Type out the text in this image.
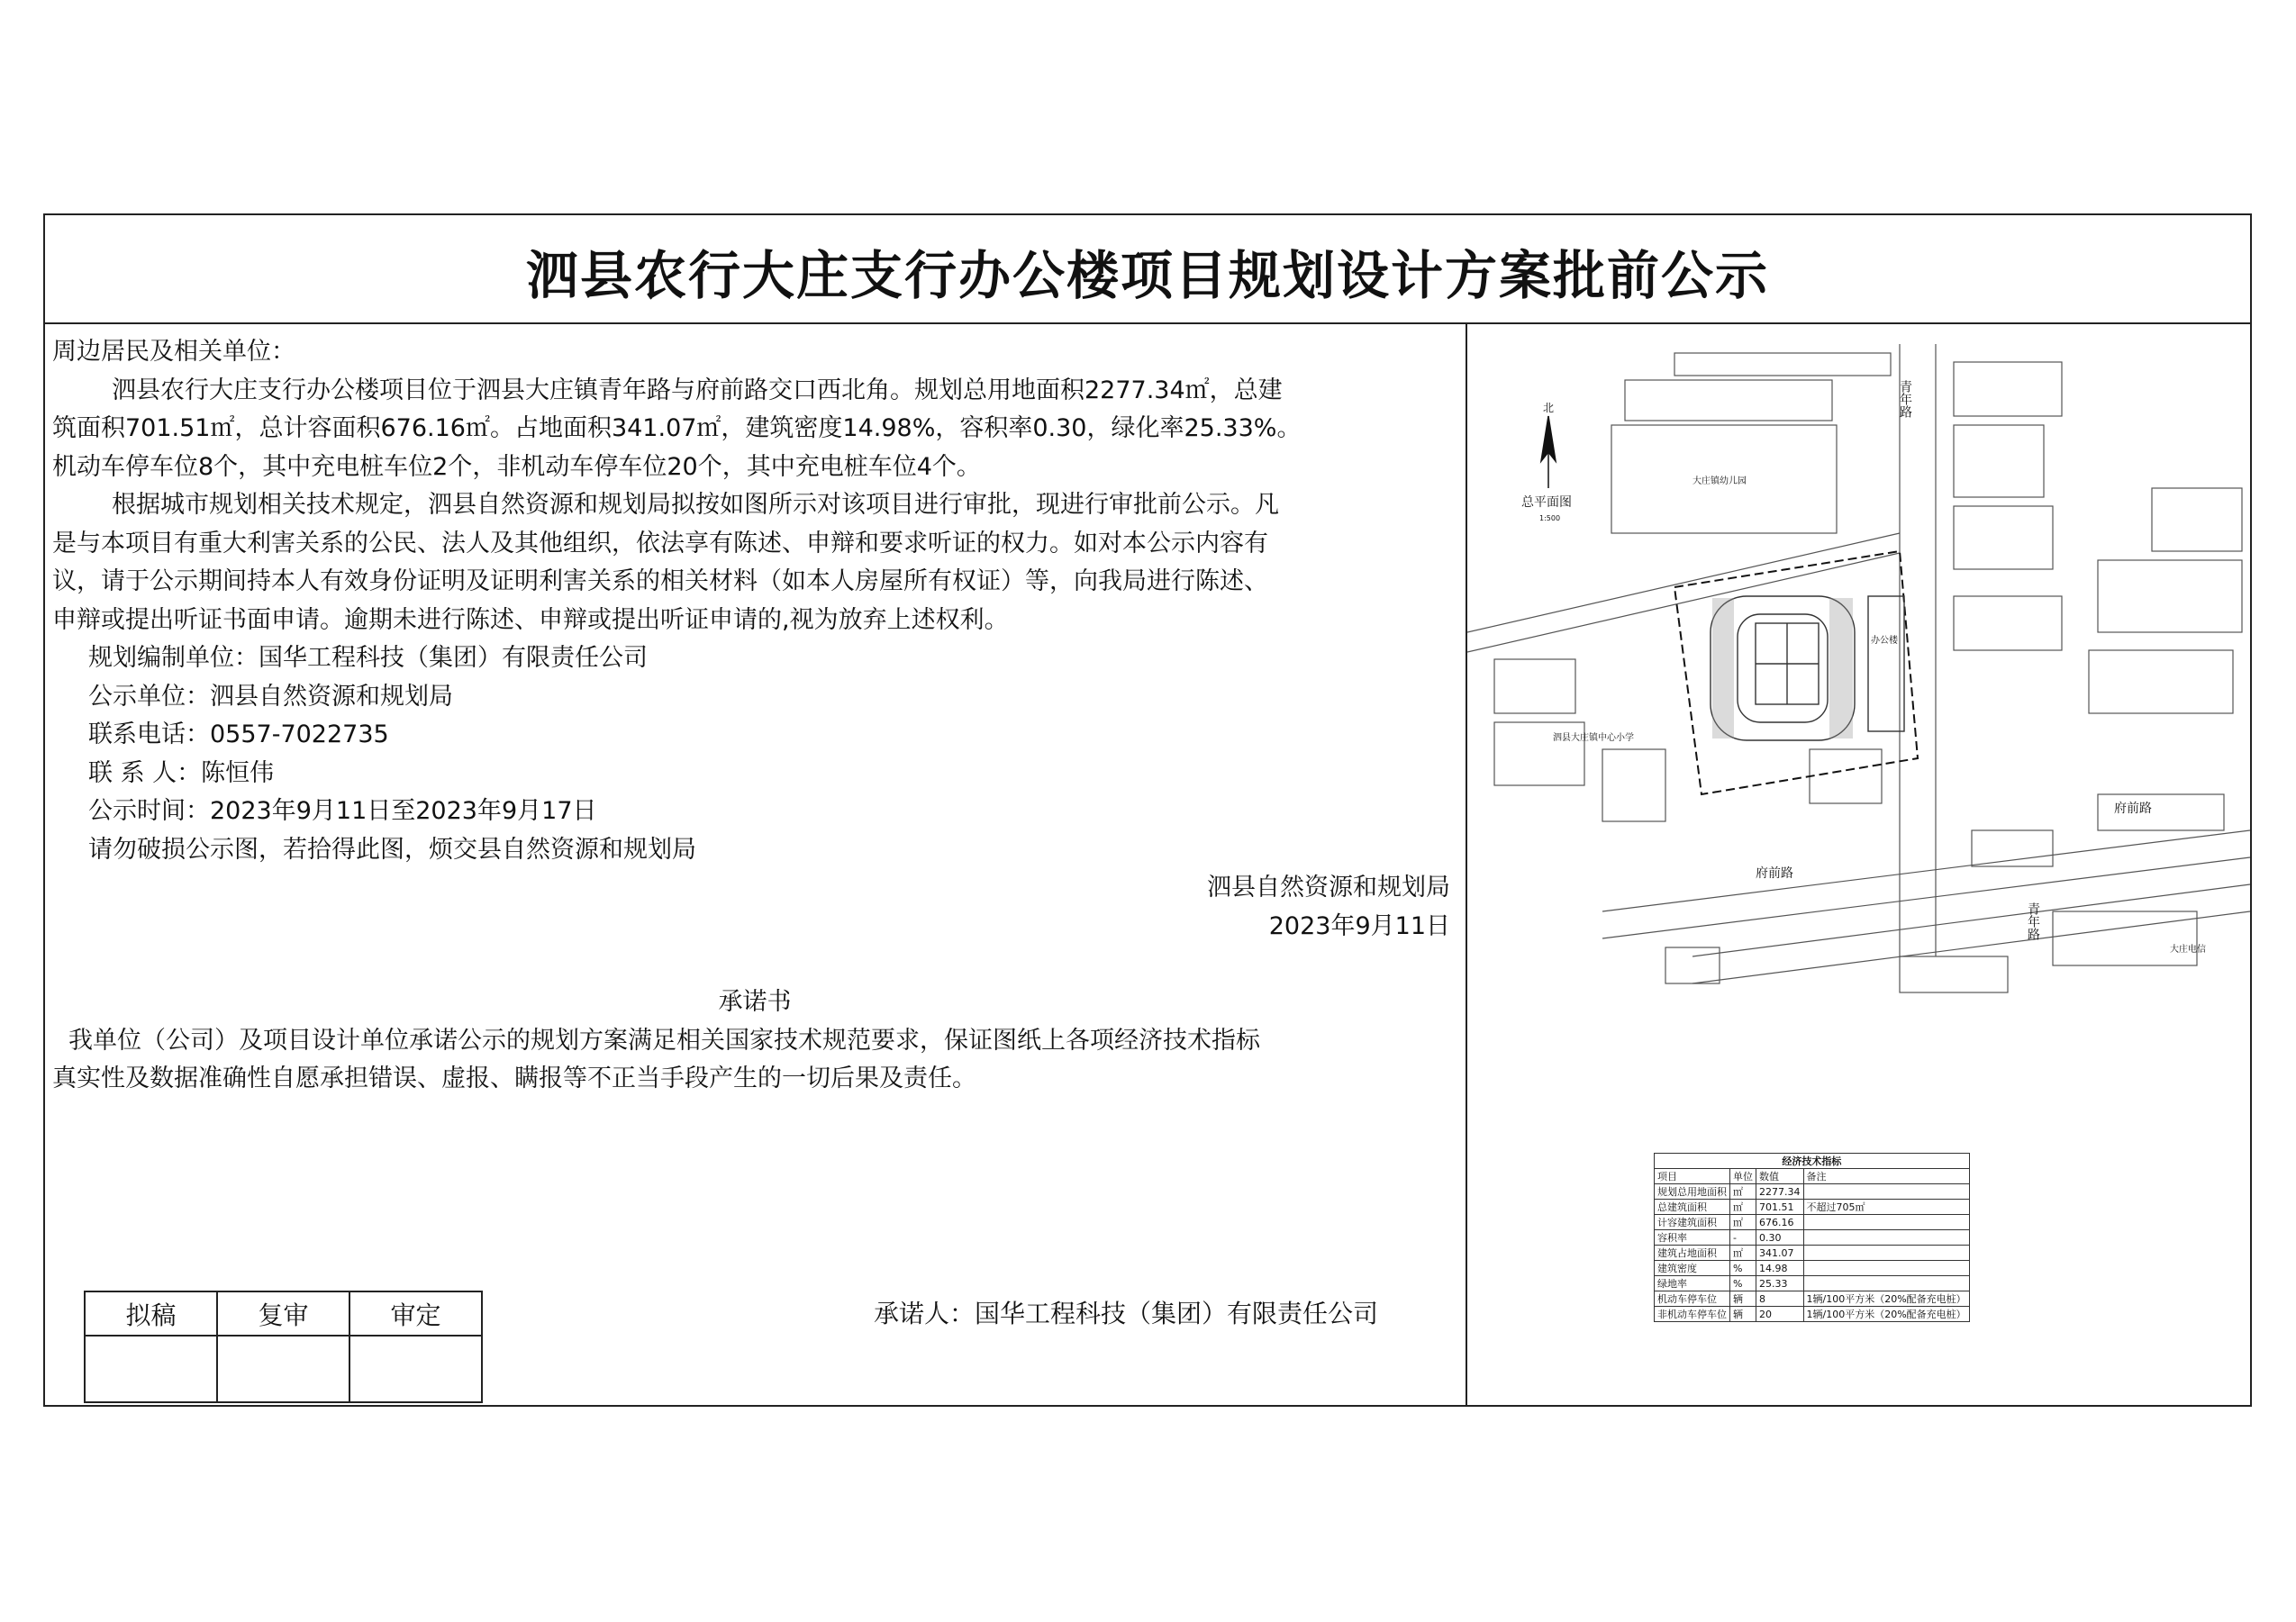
泗县农行大庄支行办公楼项目规划设计方案批前公示
周边居民及相关单位：
泗县农行大庄支行办公楼项目位于泗县大庄镇青年路与府前路交口西北角。规划总用地面积2277.34㎡，总建
筑面积701.51㎡，总计容面积676.16㎡。占地面积341.07㎡，建筑密度14.98%，容积率0.30，绿化率25.33%。
机动车停车位8个，其中充电桩车位2个，非机动车停车位20个，其中充电桩车位4个。
根据城市规划相关技术规定，泗县自然资源和规划局拟按如图所示对该项目进行审批，现进行审批前公示。凡
是与本项目有重大利害关系的公民、法人及其他组织，依法享有陈述、申辩和要求听证的权力。如对本公示内容有
议，请于公示期间持本人有效身份证明及证明利害关系的相关材料（如本人房屋所有权证）等，向我局进行陈述、
申辩或提出听证书面申请。逾期未进行陈述、申辩或提出听证申请的,视为放弃上述权利。
规划编制单位：国华工程科技（集团）有限责任公司
公示单位：泗县自然资源和规划局
联系电话：0557-7022735
联 系 人：陈恒伟
公示时间：2023年9月11日至2023年9月17日
请勿破损公示图，若拾得此图，烦交县自然资源和规划局
泗县自然资源和规划局
2023年9月11日
承诺书
我单位（公司）及项目设计单位承诺公示的规划方案满足相关国家技术规范要求，保证图纸上各项经济技术指标
真实性及数据准确性自愿承担错误、虚报、瞒报等不正当手段产生的一切后果及责任。
拟稿	复审	审定
			承诺人：国华工程科技（集团）有限责任公司
北
总平面图
1:500
青年路
府前路
府前路
青年路
大庄镇幼儿园
泗县大庄镇中心小学
办公楼
大庄电信
经济技术指标			
项目	单位	数值	备注
规划总用地面积	㎡	2277.34	
总建筑面积	㎡	701.51	不超过705㎡
计容建筑面积	㎡	676.16	
容积率	-	0.30	
建筑占地面积	㎡	341.07	
建筑密度	%	14.98	
绿地率	%	25.33	
机动车停车位	辆	8	1辆/100平方米（20%配备充电桩）
非机动车停车位	辆	20	1辆/100平方米（20%配备充电桩）
